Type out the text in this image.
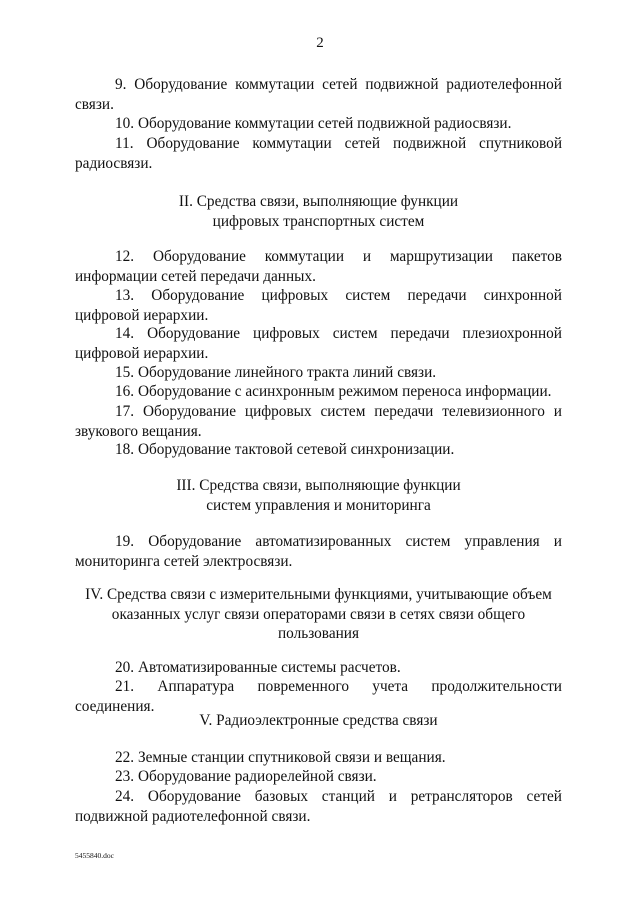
2
9. Оборудование коммутации сетей подвижной радиотелефонной связи.
10. Оборудование коммутации сетей подвижной радиосвязи.
11. Оборудование коммутации сетей подвижной спутниковой радиосвязи.
II. Средства связи, выполняющие функции
цифровых транспортных систем
12. Оборудование коммутации и маршрутизации пакетов информации сетей передачи данных.
13. Оборудование цифровых систем передачи синхронной цифровой иерархии.
14. Оборудование цифровых систем передачи плезиохронной цифровой иерархии.
15. Оборудование линейного тракта линий связи.
16. Оборудование с асинхронным режимом переноса информации.
17. Оборудование цифровых систем передачи телевизионного и звукового вещания.
18. Оборудование тактовой сетевой синхронизации.
III. Средства связи, выполняющие функции
систем управления и мониторинга
19. Оборудование автоматизированных систем управления и мониторинга сетей электросвязи.
IV. Средства связи с измерительными функциями, учитывающие объем
оказанных услуг связи операторами связи в сетях связи общего
пользования
20. Автоматизированные системы расчетов.
21. Аппаратура повременного учета продолжительности соединения.
V. Радиоэлектронные средства связи
22. Земные станции спутниковой связи и вещания.
23. Оборудование радиорелейной связи.
24. Оборудование базовых станций и ретрансляторов сетей подвижной радиотелефонной связи.
5455840.doc
